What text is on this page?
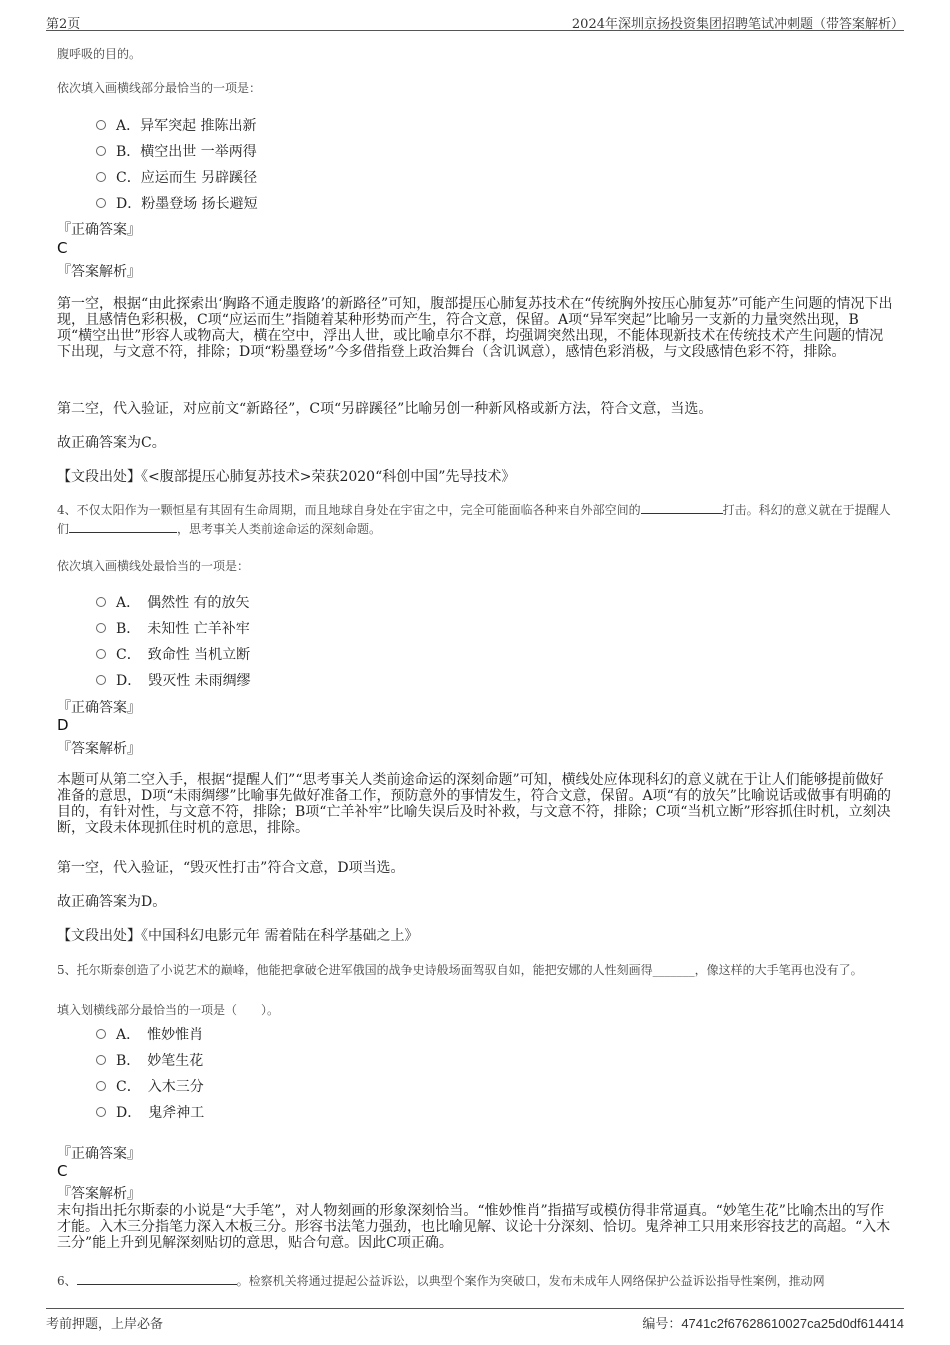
第2页	2024年深圳京扬投资集团招聘笔试冲刺题（带答案解析）
腹呼吸的目的。
依次填入画横线部分最恰当的一项是：
A．异军突起 推陈出新
B．横空出世 一举两得
C．应运而生 另辟蹊径
D．粉墨登场 扬长避短
『正确答案』
C
『答案解析』
第一空，根据“由此探索出‘胸路不通走腹路’的新路径”可知，腹部提压心肺复苏技术在“传统胸外按压心肺复苏”可能产生问题的情况下出现，且感情色彩积极，C项“应运而生”指随着某种形势而产生，符合文意，保留。A项“异军突起”比喻另一支新的力量突然出现，B项“横空出世”形容人或物高大，横在空中，浮出人世，或比喻卓尔不群，均强调突然出现，不能体现新技术在传统技术产生问题的情况下出现，与文意不符，排除；D项“粉墨登场”今多借指登上政治舞台（含讥讽意），感情色彩消极，与文段感情色彩不符，排除。
第二空，代入验证，对应前文“新路径”，C项“另辟蹊径”比喻另创一种新风格或新方法，符合文意，当选。
故正确答案为C。
【文段出处】《<腹部提压心肺复苏技术>荣获2020“科创中国”先导技术》
4、不仅太阳作为一颗恒星有其固有生命周期，而且地球自身处在宇宙之中，完全可能面临各种来自外部空间的	打击。科幻的意义就在于提醒人们	，思考事关人类前途命运的深刻命题。
依次填入画横线处最恰当的一项是：
A．　偶然性 有的放矢
B．　未知性 亡羊补牢
C．　致命性 当机立断
D．　毁灭性 未雨绸缪
『正确答案』
D
『答案解析』
本题可从第二空入手，根据“提醒人们”“思考事关人类前途命运的深刻命题”可知，横线处应体现科幻的意义就在于让人们能够提前做好准备的意思，D项“未雨绸缪”比喻事先做好准备工作，预防意外的事情发生，符合文意，保留。A项“有的放矢”比喻说话或做事有明确的目的，有针对性，与文意不符，排除；B项“亡羊补牢”比喻失误后及时补救，与文意不符，排除；C项“当机立断”形容抓住时机，立刻决断，文段未体现抓住时机的意思，排除。
第一空，代入验证，“毁灭性打击”符合文意，D项当选。
故正确答案为D。
【文段出处】《中国科幻电影元年 需着陆在科学基础之上》
5、托尔斯泰创造了小说艺术的巅峰，他能把拿破仑进军俄国的战争史诗般场面驾驭自如，能把安娜的人性刻画得_______，像这样的大手笔再也没有了。
填入划横线部分最恰当的一项是（　　）。
A．　惟妙惟肖
B．　妙笔生花
C．　入木三分
D．　鬼斧神工
『正确答案』
C
『答案解析』
末句指出托尔斯泰的小说是“大手笔”，对人物刻画的形象深刻恰当。“惟妙惟肖”指描写或模仿得非常逼真。“妙笔生花”比喻杰出的写作才能。入木三分指笔力深入木板三分。形容书法笔力强劲，也比喻见解、议论十分深刻、恰切。鬼斧神工只用来形容技艺的高超。“入木三分”能上升到见解深刻贴切的意思，贴合句意。因此C项正确。
6、	。检察机关将通过提起公益诉讼，以典型个案作为突破口，发布未成年人网络保护公益诉讼指导性案例，推动网
考前押题，上岸必备	编号：4741c2f67628610027ca25d0df614414
